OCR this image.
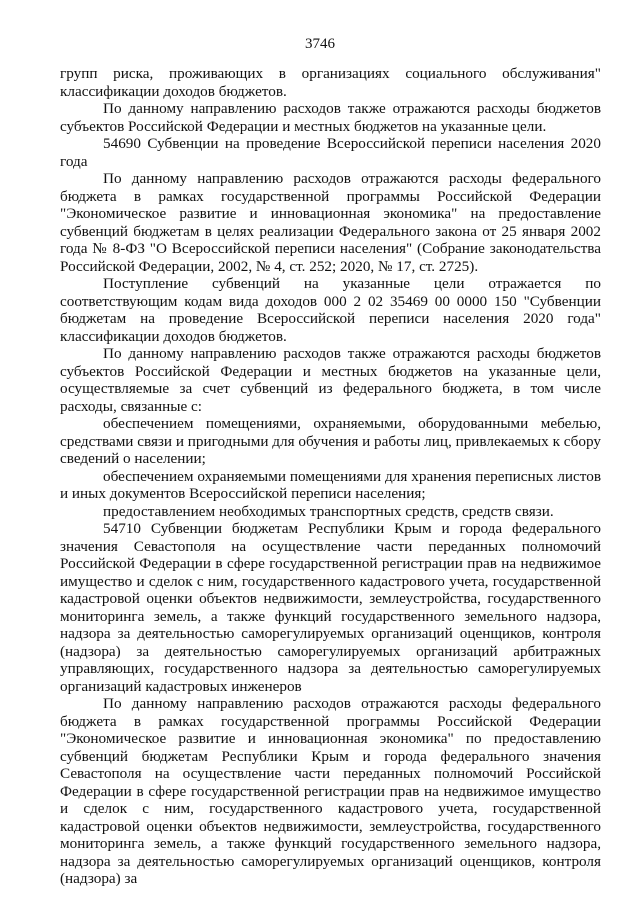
3746

групп риска, проживающих в организациях социального обслуживания" классификации доходов бюджетов.

По данному направлению расходов также отражаются расходы бюджетов субъектов Российской Федерации и местных бюджетов на указанные цели.

54690 Субвенции на проведение Всероссийской переписи населения 2020 года

По данному направлению расходов отражаются расходы федерального бюджета в рамках государственной программы Российской Федерации "Экономическое развитие и инновационная экономика" на предоставление субвенций бюджетам в целях реализации Федерального закона от 25 января 2002 года № 8-ФЗ "О Всероссийской переписи населения" (Собрание законодательства Российской Федерации, 2002, № 4, ст. 252; 2020, № 17, ст. 2725).

Поступление субвенций на указанные цели отражается по соответствующим кодам вида доходов 000 2 02 35469 00 0000 150 "Субвенции бюджетам на проведение Всероссийской переписи населения 2020 года" классификации доходов бюджетов.

По данному направлению расходов также отражаются расходы бюджетов субъектов Российской Федерации и местных бюджетов на указанные цели, осуществляемые за счет субвенций из федерального бюджета, в том числе расходы, связанные с:

обеспечением помещениями, охраняемыми, оборудованными мебелью, средствами связи и пригодными для обучения и работы лиц, привлекаемых к сбору сведений о населении;

обеспечением охраняемыми помещениями для хранения переписных листов и иных документов Всероссийской переписи населения;

предоставлением необходимых транспортных средств, средств связи.

54710 Субвенции бюджетам Республики Крым и города федерального значения Севастополя на осуществление части переданных полномочий Российской Федерации в сфере государственной регистрации прав на недвижимое имущество и сделок с ним, государственного кадастрового учета, государственной кадастровой оценки объектов недвижимости, землеустройства, государственного мониторинга земель, а также функций государственного земельного надзора, надзора за деятельностью саморегулируемых организаций оценщиков, контроля (надзора) за деятельностью саморегулируемых организаций арбитражных управляющих, государственного надзора за деятельностью саморегулируемых организаций кадастровых инженеров

По данному направлению расходов отражаются расходы федерального бюджета в рамках государственной программы Российской Федерации "Экономическое развитие и инновационная экономика" по предоставлению субвенций бюджетам Республики Крым и города федерального значения Севастополя на осуществление части переданных полномочий Российской Федерации в сфере государственной регистрации прав на недвижимое имущество и сделок с ним, государственного кадастрового учета, государственной кадастровой оценки объектов недвижимости, землеустройства, государственного мониторинга земель, а также функций государственного земельного надзора, надзора за деятельностью саморегулируемых организаций оценщиков, контроля (надзора) за
